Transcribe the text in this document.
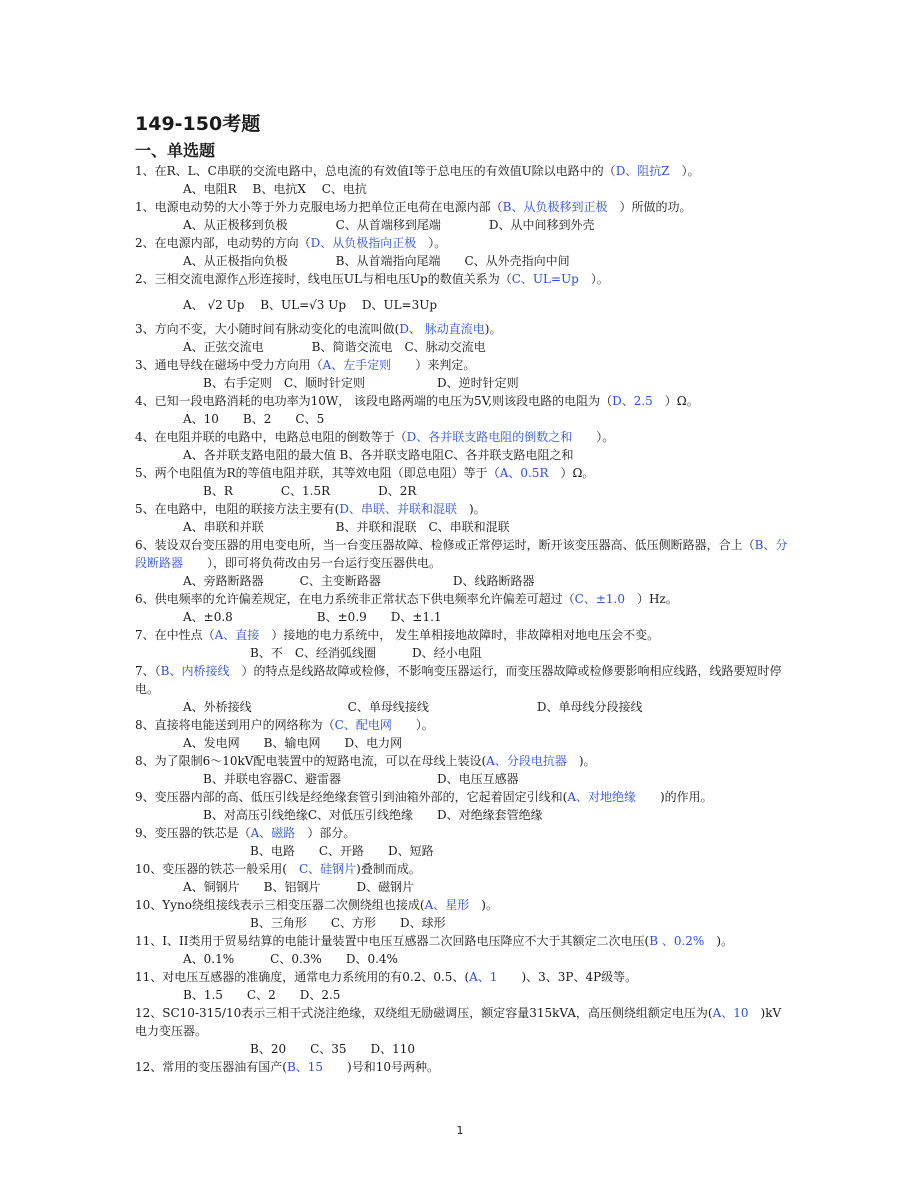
149-150考题

一、单选题

1、在R、L、C串联的交流电路中，总电流的有效值I等于总电压的有效值U除以电路中的（D、阻抗Z　）。

A、电阻R　 B、电抗X　 C、电抗

1、电源电动势的大小等于外力克服电场力把单位正电荷在电源内部（B、从负极移到正极　）所做的功。

A、从正极移到负极　　　　C、从首端移到尾端　　　　D、从中间移到外壳

2、在电源内部，电动势的方向（D、从负极指向正极　）。

A、从正极指向负极　　　　B、从首端指向尾端　　C、从外壳指向中间

2、三相交流电源作△形连接时，线电压UL与相电压Up的数值关系为（C、UL=Up　）。

A、 √2 Up　 B、UL=√3 Up　 D、UL=3Up

3、方向不变，大小随时间有脉动变化的电流叫做(D、 脉动直流电)。

A、正弦交流电　　　　B、简谐交流电　C、脉动交流电

3、通电导线在磁场中受力方向用（A、左手定则　　）来判定。

B、右手定则　C、顺时针定则　　　　　　D、逆时针定则

4、已知一段电路消耗的电功率为10W， 该段电路两端的电压为5V,则该段电路的电阻为（D、2.5　）Ω。

A、10　　B、2　　C、5

4、在电阻并联的电路中，电路总电阻的倒数等于（D、各并联支路电阻的倒数之和　　）。

A、各并联支路电阻的最大值 B、各并联支路电阻C、各并联支路电阻之和

5、两个电阻值为R的等值电阻并联，其等效电阻（即总电阻）等于（A、0.5R　）Ω。

B、R　　　　C、1.5R　　　　D、2R

5、在电路中，电阻的联接方法主要有(D、串联、并联和混联　)。

A、串联和并联　　　　　　B、并联和混联　C、串联和混联

6、装设双台变压器的用电变电所，当一台变压器故障、检修或正常停运时，断开该变压器高、低压侧断路器，合上（B、分段断路器　　），即可将负荷改由另一台运行变压器供电。

A、旁路断路器　　　C、主变断路器　　　　　　D、线路断路器

6、供电频率的允许偏差规定，在电力系统非正常状态下供电频率允许偏差可超过（C、±1.0　）Hz。

A、±0.8　　　　　　　B、±0.9　　D、±1.1

7、在中性点（A、直接　）接地的电力系统中， 发生单相接地故障时，非故障相对地电压会不变。

B、不　C、经消弧线圈　　　D、经小电阻

7、（B、内桥接线　）的特点是线路故障或检修，不影响变压器运行，而变压器故障或检修要影响相应线路，线路要短时停电。

A、外桥接线　　　　　　　　C、单母线接线　　　　　　　　　D、单母线分段接线

8、直接将电能送到用户的网络称为（C、配电网　　）。

A、发电网　　B、输电网　　D、电力网

8、为了限制6～10kV配电装置中的短路电流，可以在母线上装设(A、分段电抗器　)。

B、并联电容器C、避雷器　　　　　　　　D、电压互感器

9、变压器内部的高、低压引线是经绝缘套管引到油箱外部的，它起着固定引线和(A、对地绝缘　　)的作用。

B、对高压引线绝缘C、对低压引线绝缘　　D、对绝缘套管绝缘

9、变压器的铁芯是（A、磁路　）部分。

B、电路　　C、开路　　D、短路

10、变压器的铁芯一般采用(　C、硅钢片)叠制而成。

A、铜钢片　　B、铝钢片　　　D、磁钢片

10、Yyno绕组接线表示三相变压器二次侧绕组也接成(A、星形　)。

B、三角形　　C、方形　　D、球形

11、I、II类用于贸易结算的电能计量装置中电压互感器二次回路电压降应不大于其额定二次电压(B 、0.2%　)。

A、0.1%　　　C、0.3%　　D、0.4%

11、对电压互感器的准确度，通常电力系统用的有0.2、0.5、(A、1　　)、3、3P、4P级等。

B、1.5　　C、2　　D、2.5

12、SC10-315/10表示三相干式浇注绝缘，双绕组无励磁调压，额定容量315kVA，高压侧绕组额定电压为(A、10　)kV电力变压器。

B、20　　C、35　　D、110

12、常用的变压器油有国产(B、15　　)号和10号两种。

1
